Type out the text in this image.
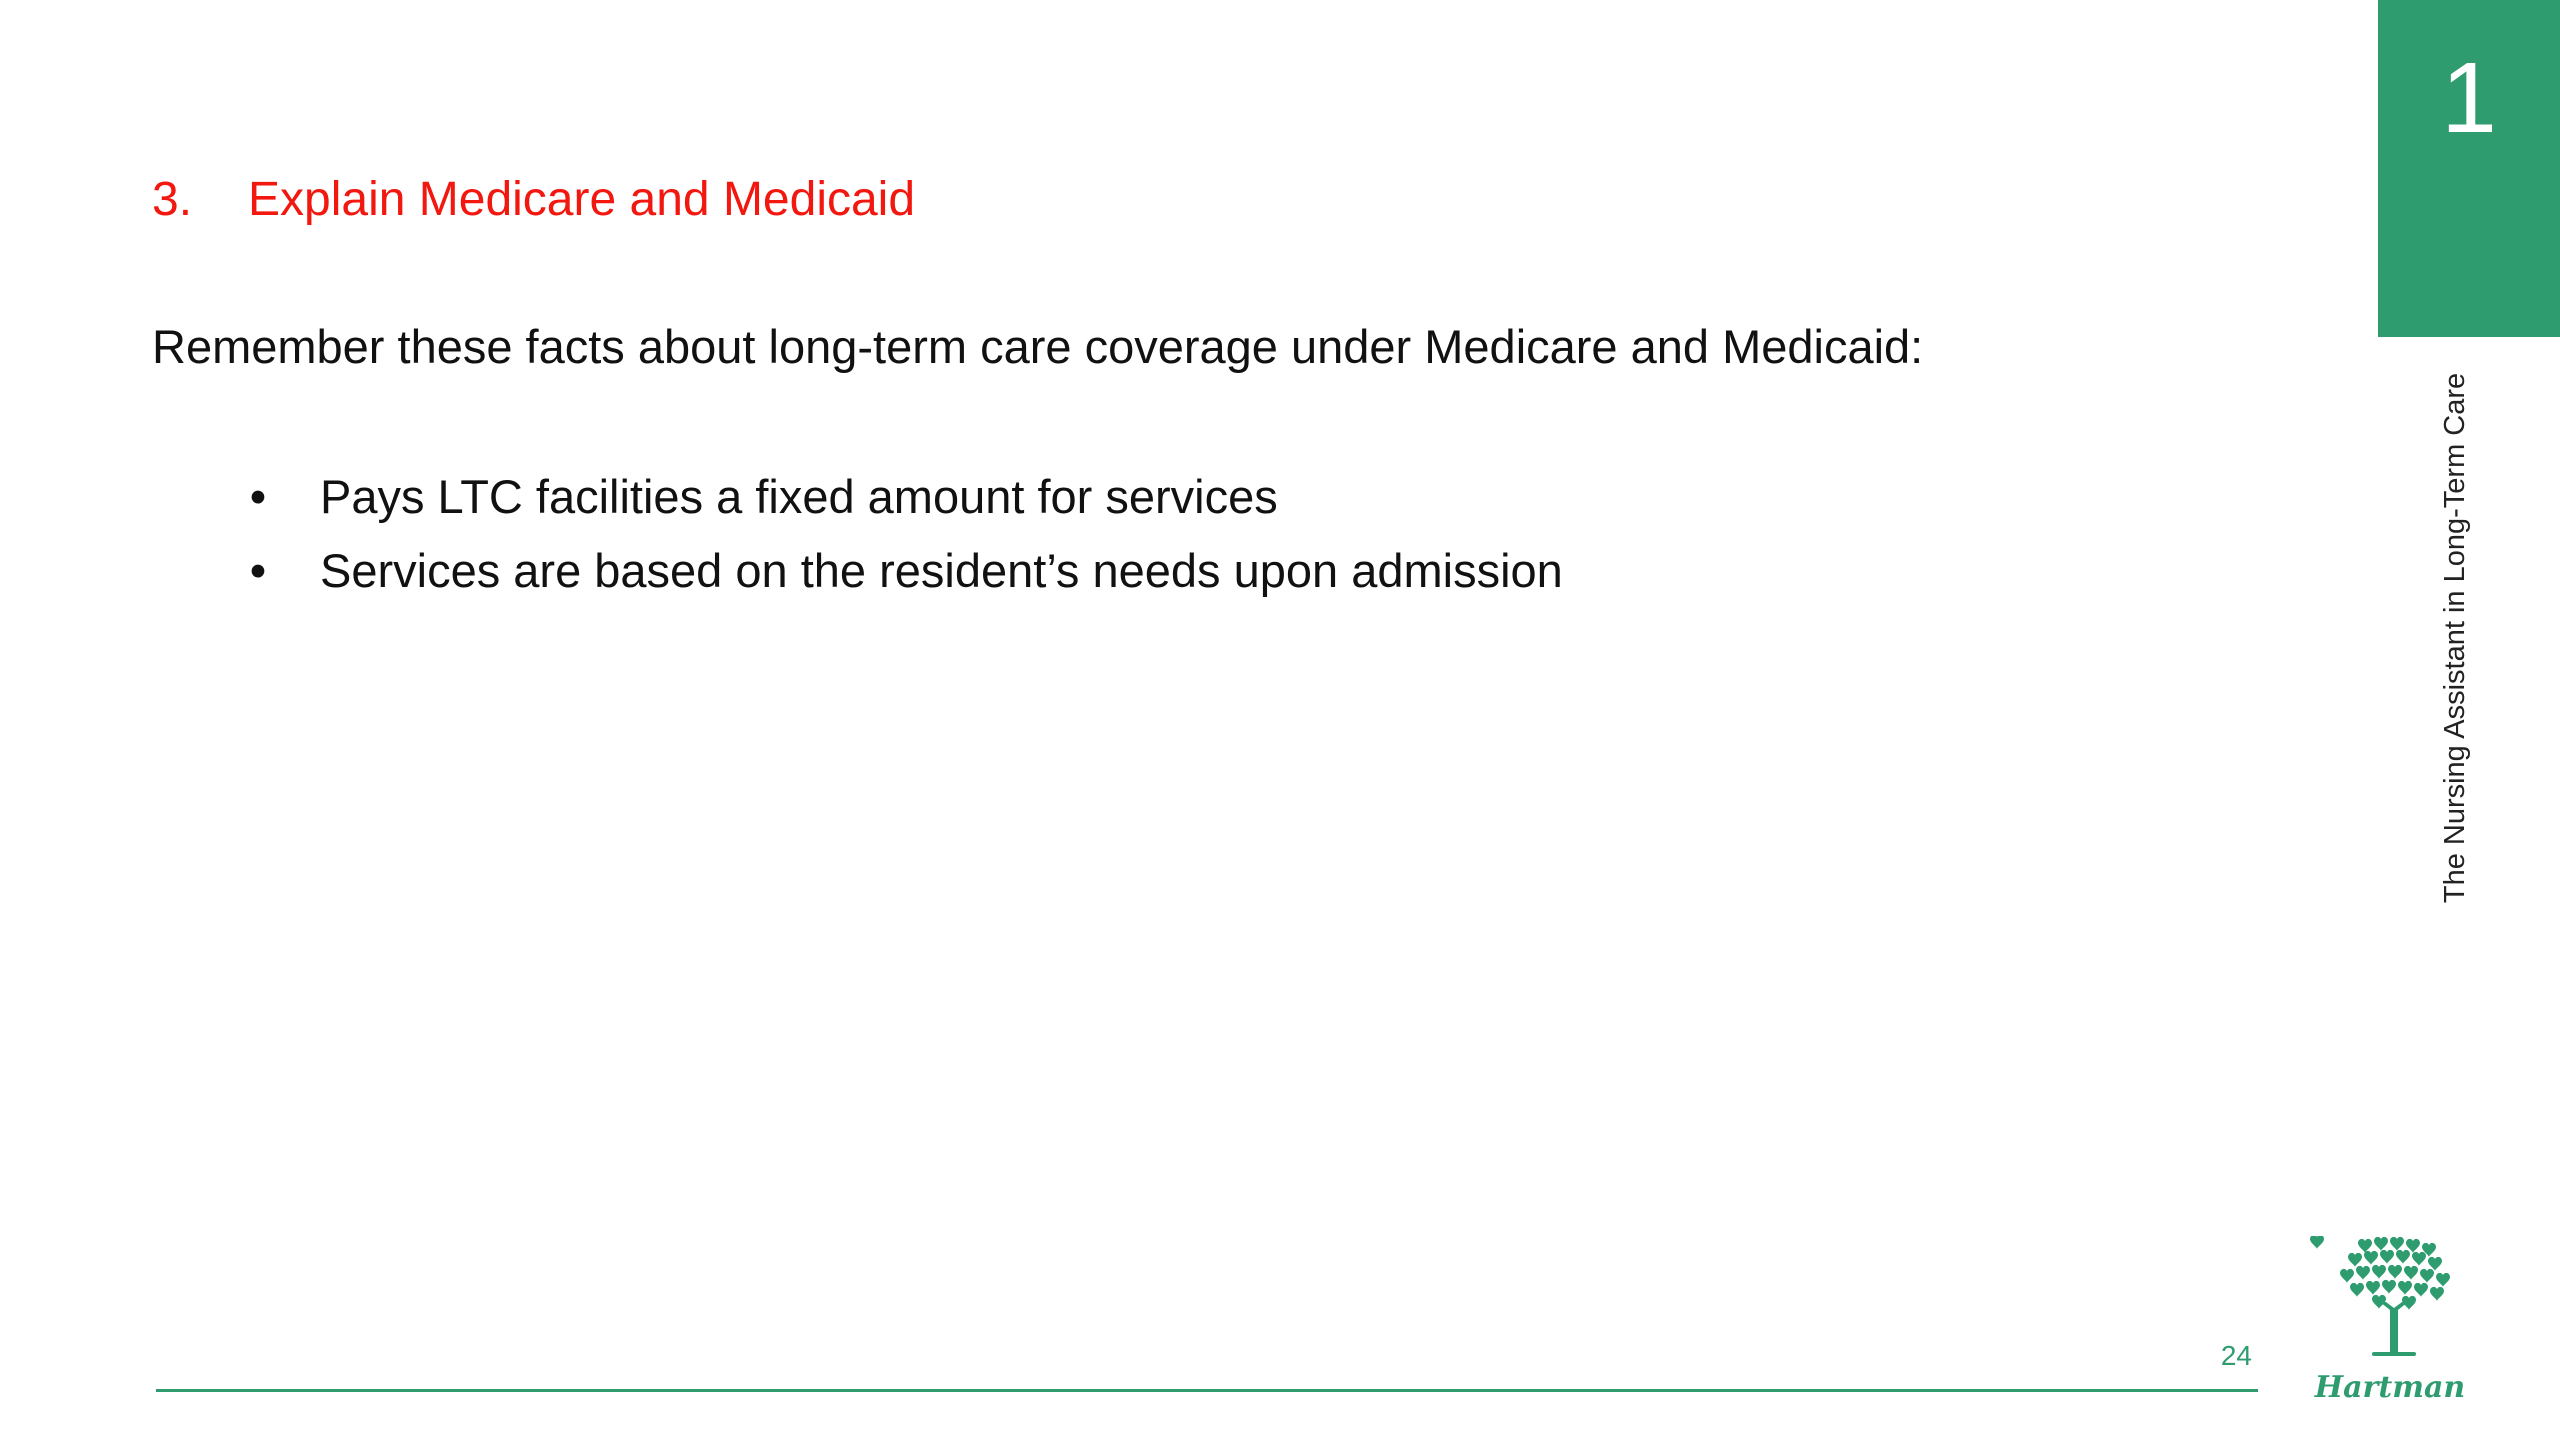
3. Explain Medicare and Medicaid
Remember these facts about long-term care coverage under Medicare and Medicaid:
• Pays LTC facilities a fixed amount for services
• Services are based on the resident’s needs upon admission
1
The Nursing Assistant in Long-Term Care
24
Hartman
